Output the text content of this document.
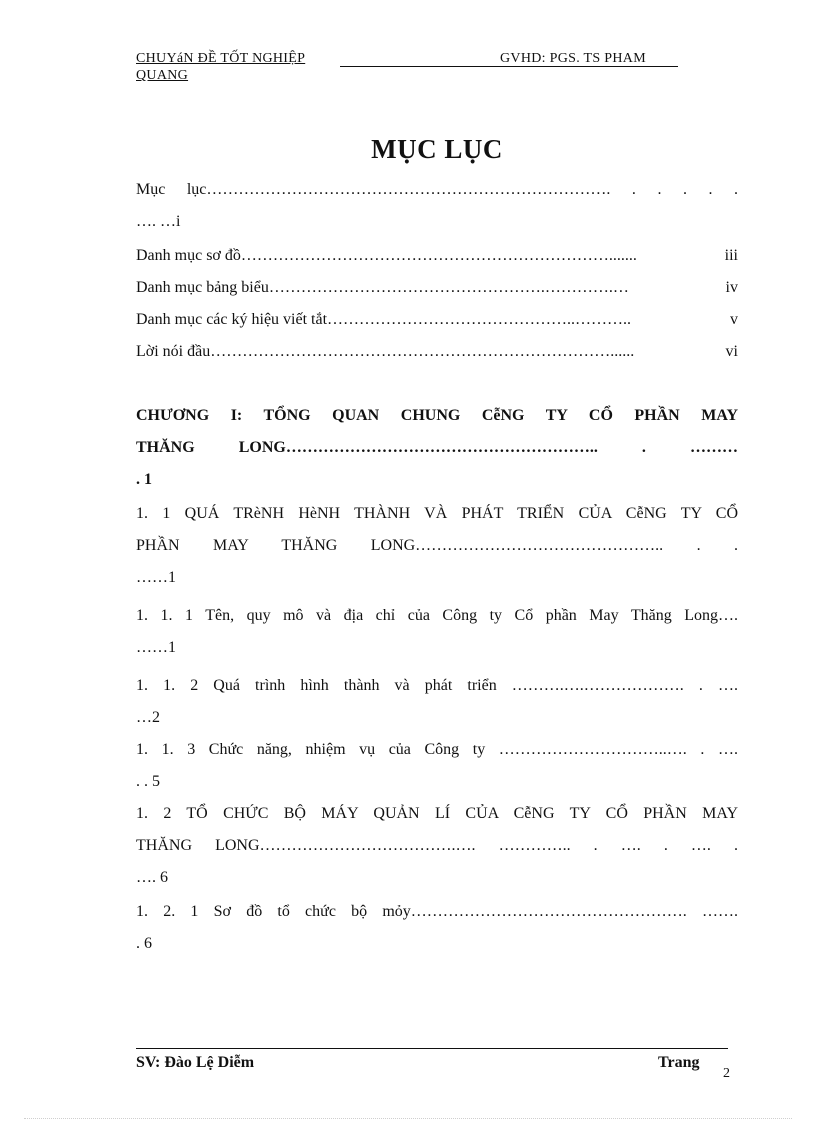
CHUYáN ĐỀ TỐT NGHIỆP
QUANG
GVHD: PGS. TS PHAM
MỤC LỤC
Mục lục…………………………………………………………………. . . . . .
…. …i
Danh mục sơ đồ…………………………………………………………….......	iii
Danh mục bảng biểu…………………………………………….………….…	iv
Danh mục các ký hiệu viết tắt………………………………………..………..	v
Lời nói đầu…………………………………………………………………......	vi
CHƯƠNG I: TỔNG QUAN CHUNG CễNG TY CỔ PHẦN MAY
THĂNG LONG………………………………………………….. . ………
. 1
1. 1 QUÁ TRèNH HèNH THÀNH VÀ PHÁT TRIỂN CỦA CễNG TY CỔ
PHẦN MAY THĂNG LONG……………………………………….. . .
……1
1. 1. 1 Tên, quy mô và địa chỉ của Công ty Cổ phần May Thăng Long….
……1
1. 1. 2 Quá trình hình thành và phát triển ……….….………………. . ….
…2
1. 1. 3 Chức năng, nhiệm vụ của Công ty …………………………..…. . ….
. . 5
1. 2 TỔ CHỨC BỘ MÁY QUẢN LÍ CỦA CễNG TY CỔ PHẦN MAY
THĂNG LONG……………………………….…. ………….. . …. . …. .
…. 6
1. 2. 1 Sơ đồ tổ chức bộ mỏy……………………………………………. …….
. 6
SV: Đào Lệ Diễm	Trang
2
